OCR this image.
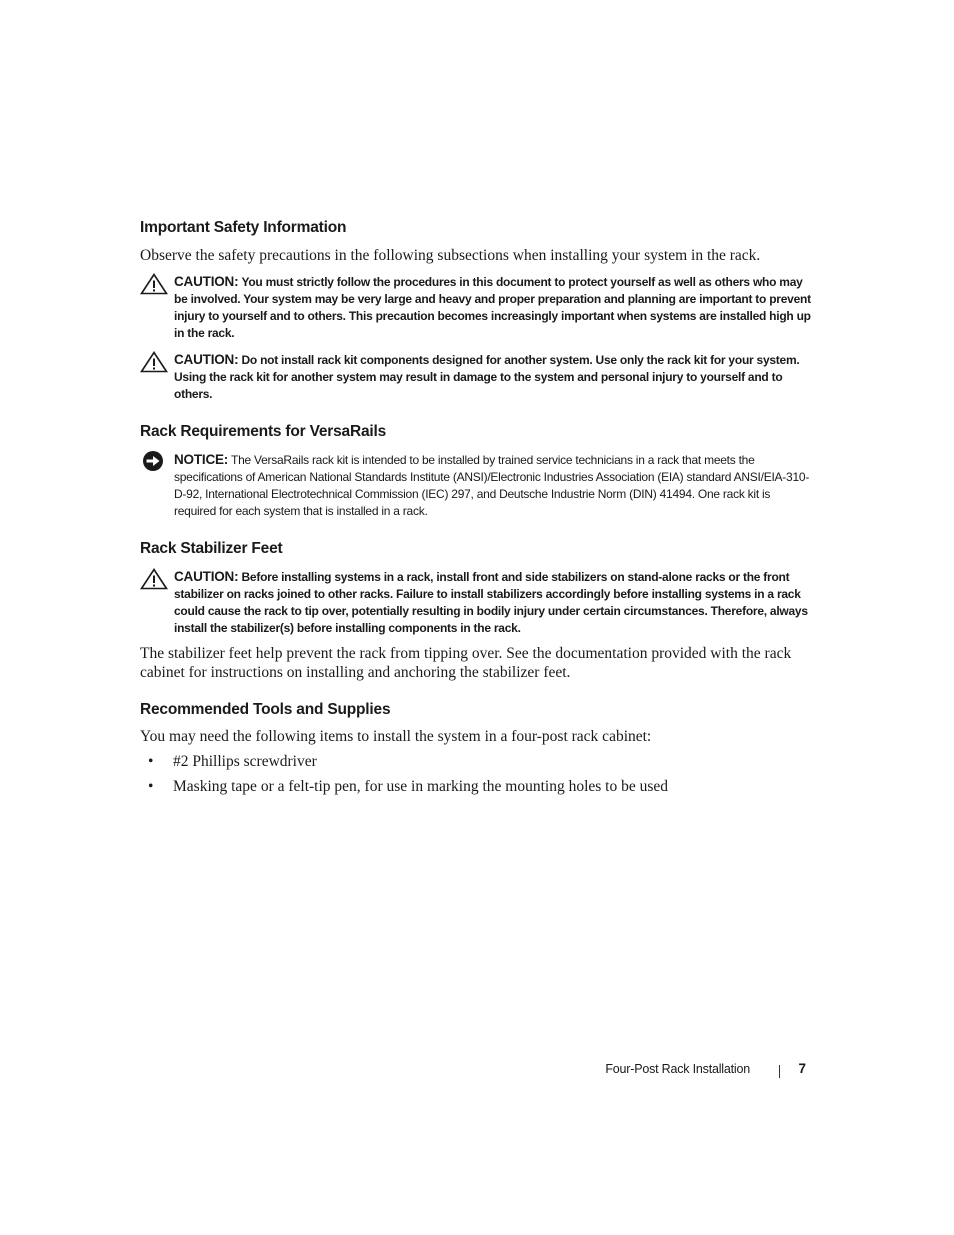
Important Safety Information

Observe the safety precautions in the following subsections when installing your system in the rack.

CAUTION: You must strictly follow the procedures in this document to protect yourself as well as others who may be involved. Your system may be very large and heavy and proper preparation and planning are important to prevent injury to yourself and to others. This precaution becomes increasingly important when systems are installed high up in the rack.
CAUTION: Do not install rack kit components designed for another system. Use only the rack kit for your system. Using the rack kit for another system may result in damage to the system and personal injury to yourself and to others.
Rack Requirements for VersaRails
NOTICE: The VersaRails rack kit is intended to be installed by trained service technicians in a rack that meets the specifications of American National Standards Institute (ANSI)/Electronic Industries Association (EIA) standard ANSI/EIA-310-D-92, International Electrotechnical Commission (IEC) 297, and Deutsche Industrie Norm (DIN) 41494. One rack kit is required for each system that is installed in a rack.
Rack Stabilizer Feet
CAUTION: Before installing systems in a rack, install front and side stabilizers on stand-alone racks or the front stabilizer on racks joined to other racks. Failure to install stabilizers accordingly before installing systems in a rack could cause the rack to tip over, potentially resulting in bodily injury under certain circumstances. Therefore, always install the stabilizer(s) before installing components in the rack.

The stabilizer feet help prevent the rack from tipping over. See the documentation provided with the rack cabinet for instructions on installing and anchoring the stabilizer feet.

Recommended Tools and Supplies

You may need the following items to install the system in a four-post rack cabinet:

• #2 Phillips screwdriver
• Masking tape or a felt-tip pen, for use in marking the mounting holes to be used
Four-Post Rack Installation	7
